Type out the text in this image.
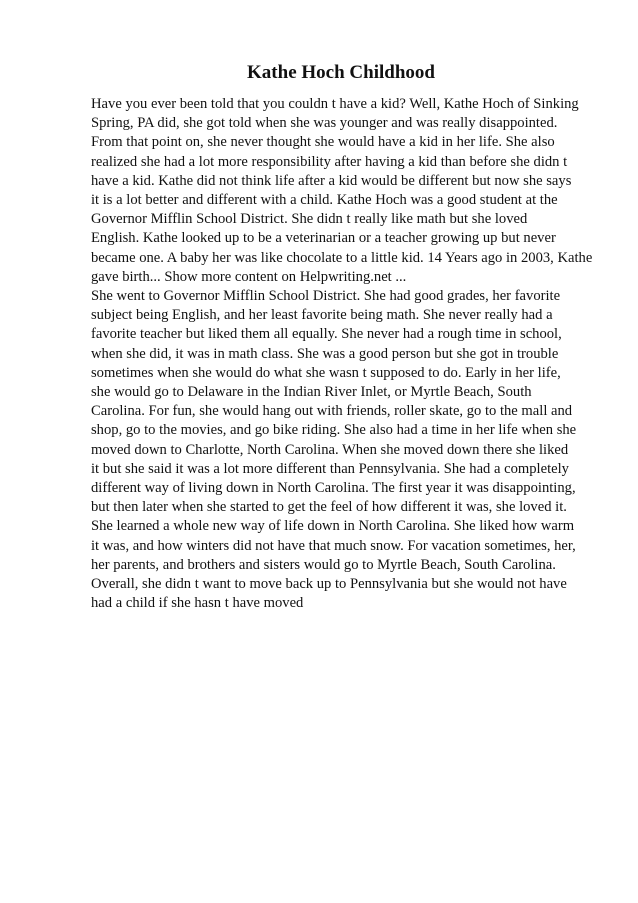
Kathe Hoch Childhood
Have you ever been told that you couldn t have a kid? Well, Kathe Hoch of Sinking
Spring, PA did, she got told when she was younger and was really disappointed.
From that point on, she never thought she would have a kid in her life. She also
realized she had a lot more responsibility after having a kid than before she didn t
have a kid. Kathe did not think life after a kid would be different but now she says
it is a lot better and different with a child. Kathe Hoch was a good student at the
Governor Mifflin School District. She didn t really like math but she loved
English. Kathe looked up to be a veterinarian or a teacher growing up but never
became one. A baby her was like chocolate to a little kid. 14 Years ago in 2003, Kathe
gave birth... Show more content on Helpwriting.net ...
She went to Governor Mifflin School District. She had good grades, her favorite
subject being English, and her least favorite being math. She never really had a
favorite teacher but liked them all equally. She never had a rough time in school,
when she did, it was in math class. She was a good person but she got in trouble
sometimes when she would do what she wasn t supposed to do. Early in her life,
she would go to Delaware in the Indian River Inlet, or Myrtle Beach, South
Carolina. For fun, she would hang out with friends, roller skate, go to the mall and
shop, go to the movies, and go bike riding. She also had a time in her life when she
moved down to Charlotte, North Carolina. When she moved down there she liked
it but she said it was a lot more different than Pennsylvania. She had a completely
different way of living down in North Carolina. The first year it was disappointing,
but then later when she started to get the feel of how different it was, she loved it.
She learned a whole new way of life down in North Carolina. She liked how warm
it was, and how winters did not have that much snow. For vacation sometimes, her,
her parents, and brothers and sisters would go to Myrtle Beach, South Carolina.
Overall, she didn t want to move back up to Pennsylvania but she would not have
had a child if she hasn t have moved
